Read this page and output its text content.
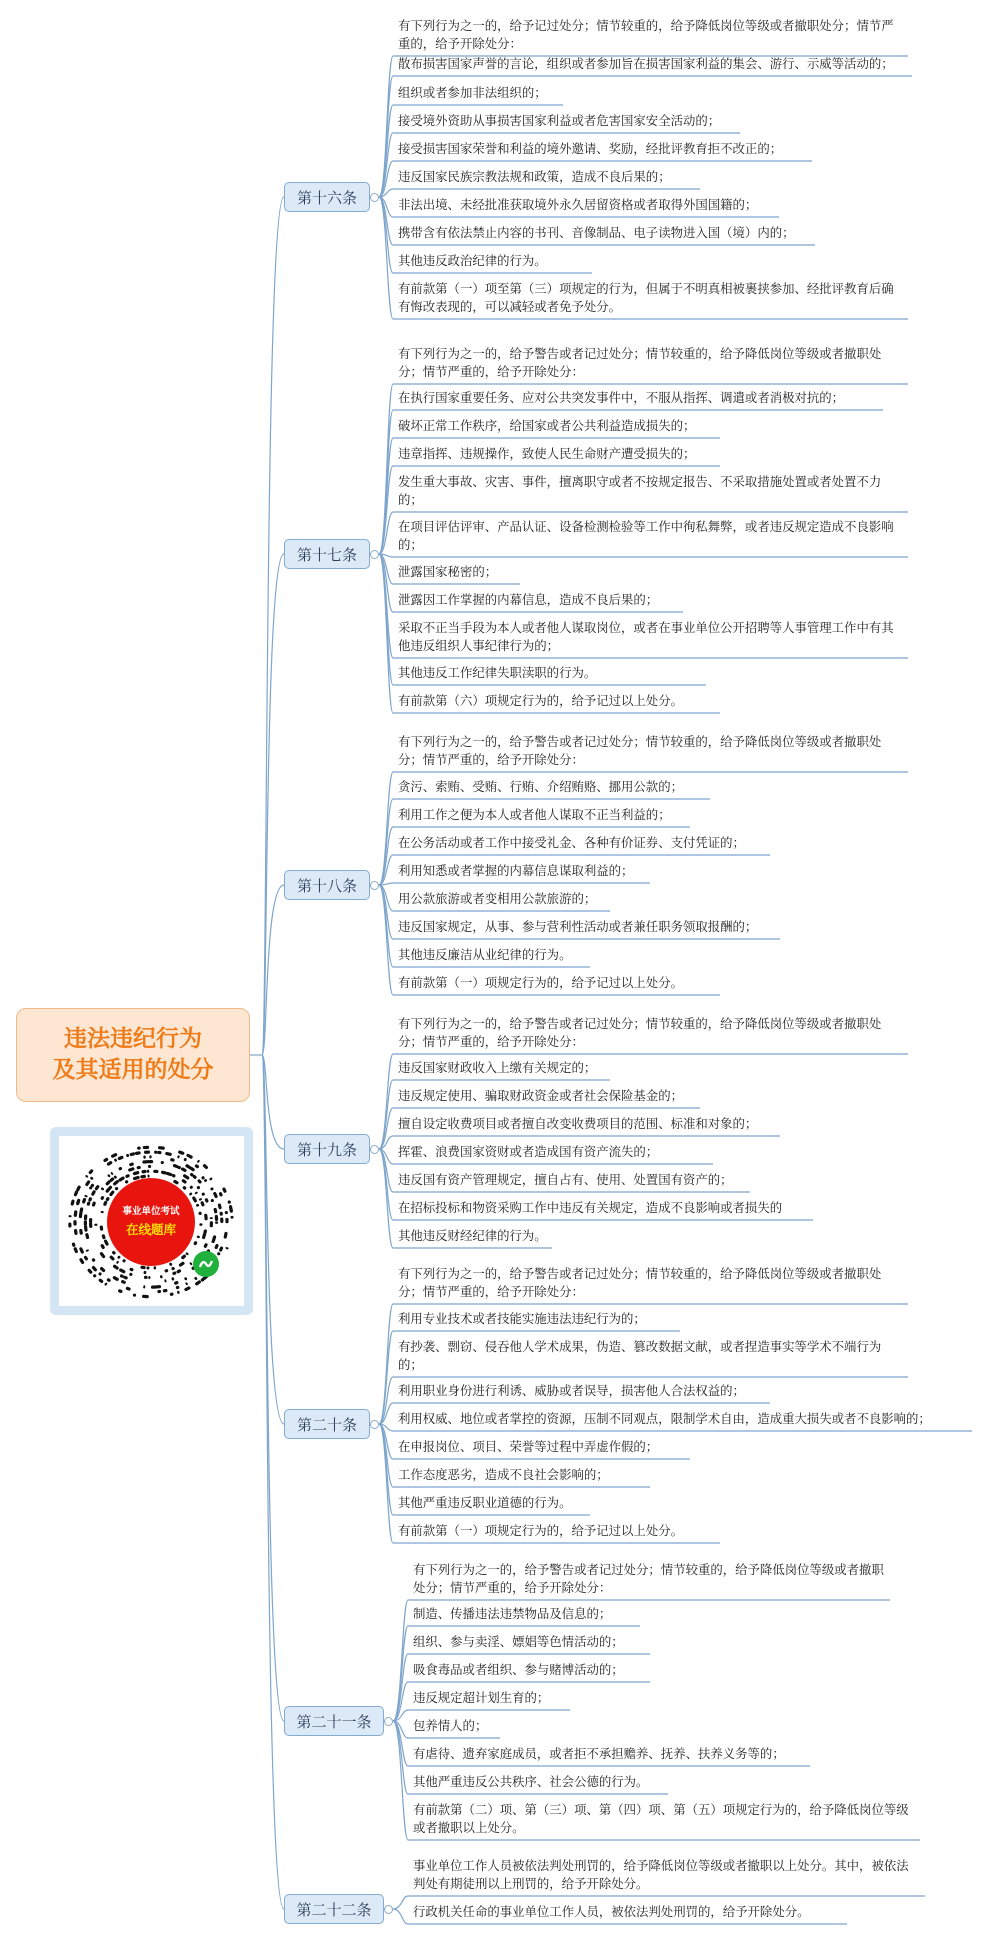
违法违纪行为
及其适用的处分
事业单位考试
在线题库
第十六条
有下列行为之一的，给予记过处分；情节较重的，给予降低岗位等级或者撤职处分；情节严重的，给予开除处分：
散布损害国家声誉的言论，组织或者参加旨在损害国家利益的集会、游行、示威等活动的；
组织或者参加非法组织的；
接受境外资助从事损害国家利益或者危害国家安全活动的；
接受损害国家荣誉和利益的境外邀请、奖励，经批评教育拒不改正的；
违反国家民族宗教法规和政策，造成不良后果的；
非法出境、未经批准获取境外永久居留资格或者取得外国国籍的；
携带含有依法禁止内容的书刊、音像制品、电子读物进入国（境）内的；
其他违反政治纪律的行为。
有前款第（一）项至第（三）项规定的行为，但属于不明真相被裹挟参加、经批评教育后确有悔改表现的，可以减轻或者免予处分。
第十七条
有下列行为之一的，给予警告或者记过处分；情节较重的，给予降低岗位等级或者撤职处分；情节严重的，给予开除处分：
在执行国家重要任务、应对公共突发事件中，不服从指挥、调遣或者消极对抗的；
破坏正常工作秩序，给国家或者公共利益造成损失的；
违章指挥、违规操作，致使人民生命财产遭受损失的；
发生重大事故、灾害、事件，擅离职守或者不按规定报告、不采取措施处置或者处置不力的；
在项目评估评审、产品认证、设备检测检验等工作中徇私舞弊，或者违反规定造成不良影响的；
泄露国家秘密的；
泄露因工作掌握的内幕信息，造成不良后果的；
采取不正当手段为本人或者他人谋取岗位，或者在事业单位公开招聘等人事管理工作中有其他违反组织人事纪律行为的；
其他违反工作纪律失职渎职的行为。
有前款第（六）项规定行为的，给予记过以上处分。
第十八条
有下列行为之一的，给予警告或者记过处分；情节较重的，给予降低岗位等级或者撤职处分；情节严重的，给予开除处分：
贪污、索贿、受贿、行贿、介绍贿赂、挪用公款的；
利用工作之便为本人或者他人谋取不正当利益的；
在公务活动或者工作中接受礼金、各种有价证券、支付凭证的；
利用知悉或者掌握的内幕信息谋取利益的；
用公款旅游或者变相用公款旅游的；
违反国家规定，从事、参与营利性活动或者兼任职务领取报酬的；
其他违反廉洁从业纪律的行为。
有前款第（一）项规定行为的，给予记过以上处分。
第十九条
有下列行为之一的，给予警告或者记过处分；情节较重的，给予降低岗位等级或者撤职处分；情节严重的，给予开除处分：
违反国家财政收入上缴有关规定的；
违反规定使用、骗取财政资金或者社会保险基金的；
擅自设定收费项目或者擅自改变收费项目的范围、标准和对象的；
挥霍、浪费国家资财或者造成国有资产流失的；
违反国有资产管理规定，擅自占有、使用、处置国有资产的；
在招标投标和物资采购工作中违反有关规定，造成不良影响或者损失的
其他违反财经纪律的行为。
第二十条
有下列行为之一的，给予警告或者记过处分；情节较重的，给予降低岗位等级或者撤职处分；情节严重的，给予开除处分：
利用专业技术或者技能实施违法违纪行为的；
有抄袭、剽窃、侵吞他人学术成果，伪造、篡改数据文献，或者捏造事实等学术不端行为的；
利用职业身份进行利诱、威胁或者误导，损害他人合法权益的；
利用权威、地位或者掌控的资源，压制不同观点，限制学术自由，造成重大损失或者不良影响的；
在申报岗位、项目、荣誉等过程中弄虚作假的；
工作态度恶劣，造成不良社会影响的；
其他严重违反职业道德的行为。
有前款第（一）项规定行为的，给予记过以上处分。
第二十一条
有下列行为之一的，给予警告或者记过处分；情节较重的，给予降低岗位等级或者撤职处分；情节严重的，给予开除处分：
制造、传播违法违禁物品及信息的；
组织、参与卖淫、嫖娼等色情活动的；
吸食毒品或者组织、参与赌博活动的；
违反规定超计划生育的；
包养情人的；
有虐待、遗弃家庭成员，或者拒不承担赡养、抚养、扶养义务等的；
其他严重违反公共秩序、社会公德的行为。
有前款第（二）项、第（三）项、第（四）项、第（五）项规定行为的，给予降低岗位等级或者撤职以上处分。
第二十二条
事业单位工作人员被依法判处刑罚的，给予降低岗位等级或者撤职以上处分。其中，被依法判处有期徒刑以上刑罚的，给予开除处分。
行政机关任命的事业单位工作人员，被依法判处刑罚的，给予开除处分。
